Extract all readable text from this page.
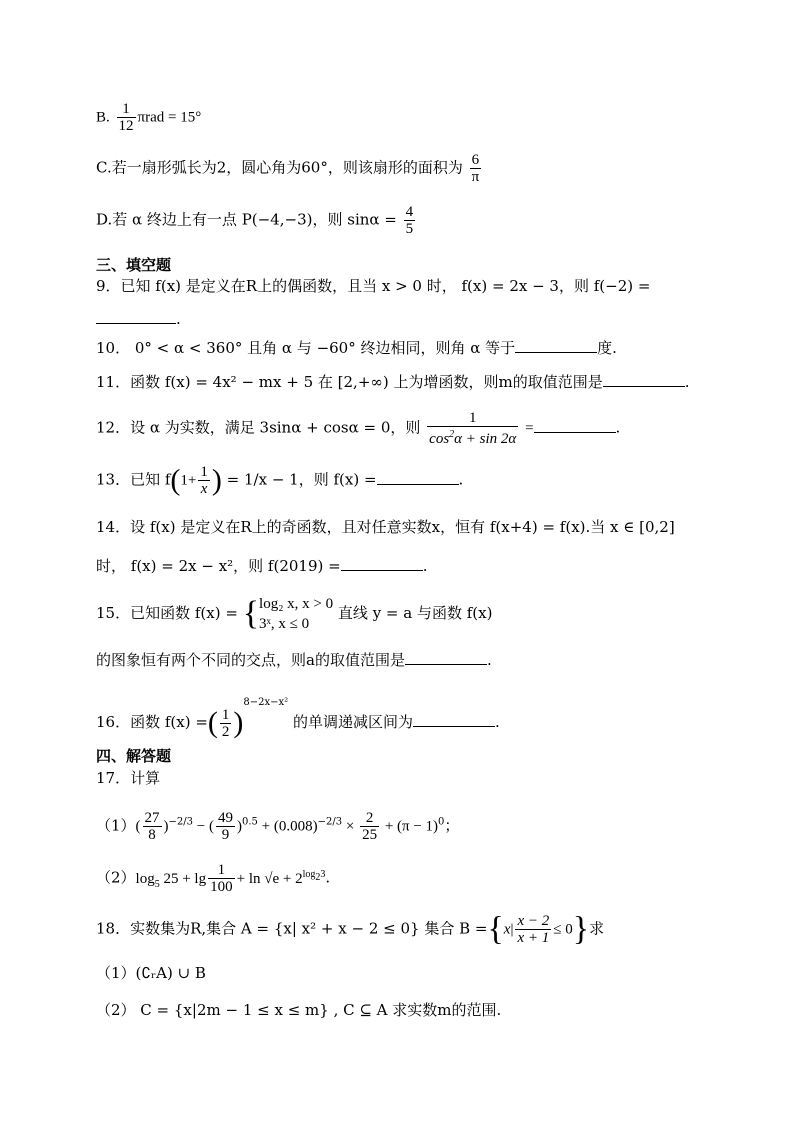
B. $\frac{1}{12}$ πrad = 15°
C.若一扇形弧长为2，圆心角为60°，则该扇形的面积为 $\frac{6}{\pi}$
D.若 α 终边上有一点 P(−4,−3)，则 $\sin\alpha = \frac{4}{5}$
三、填空题
9．已知 f(x) 是定义在R上的偶函数，且当 x > 0 时， f(x) = 2x − 3，则 f(−2) =
.
10． 0° < α < 360° 且角 α 与 −60° 终边相同，则角 α 等于	度.
11．函数 f(x) = 4x² − mx + 5 在 [2,+∞) 上为增函数，则m的取值范围是	.
12．设 α 为实数，满足 3sinα + cosα = 0，则 $\frac{1}{\cos^2\alpha + \sin 2\alpha}$ =	.
13．已知 $f(1+ \frac{1}{x}$ ) = 1/x − 1，则 f(x) =	.
14．设 f(x) 是定义在R上的奇函数，且对任意实数x，恒有 f(x+4) = f(x).当 x ∈ [0,2]
时， f(x) = 2x − x²，则 f(2019) =	.
15．已知函数 f(x) = { log₂ x, x > 0
3ˣ, x ≤ 0
直线 y = a 与函数 f(x)
的图象恒有两个不同的交点，则a的取值范围是	.
16．函数 f(x) =( $\frac{1}{2} )^{8-2x-x^2}$ 的单调递减区间为	.
四、解答题
17．计算
$(1)( \frac{27}{8} )^{-2/3}$ − ( $\frac{49}{9} )^{0.5} + (0.008)^{-2/3} \times \frac{2}{25} + (\pi - 1)^0$；
$(2)\log_5$ $25 + \lg \frac{1}{100} + \ln √e + 2^{log_23}$.
18．实数集为R,集合 A = {x| x² + x − 2 ≤ 0} 集合 $B =\{x| \frac{x - 2}{x + 1} \le 0\}$求
（1）(∁ᵣA) ∪ B
（2） C = {x|2m − 1 ≤ x ≤ m} , C ⊆ A 求实数m的范围.
